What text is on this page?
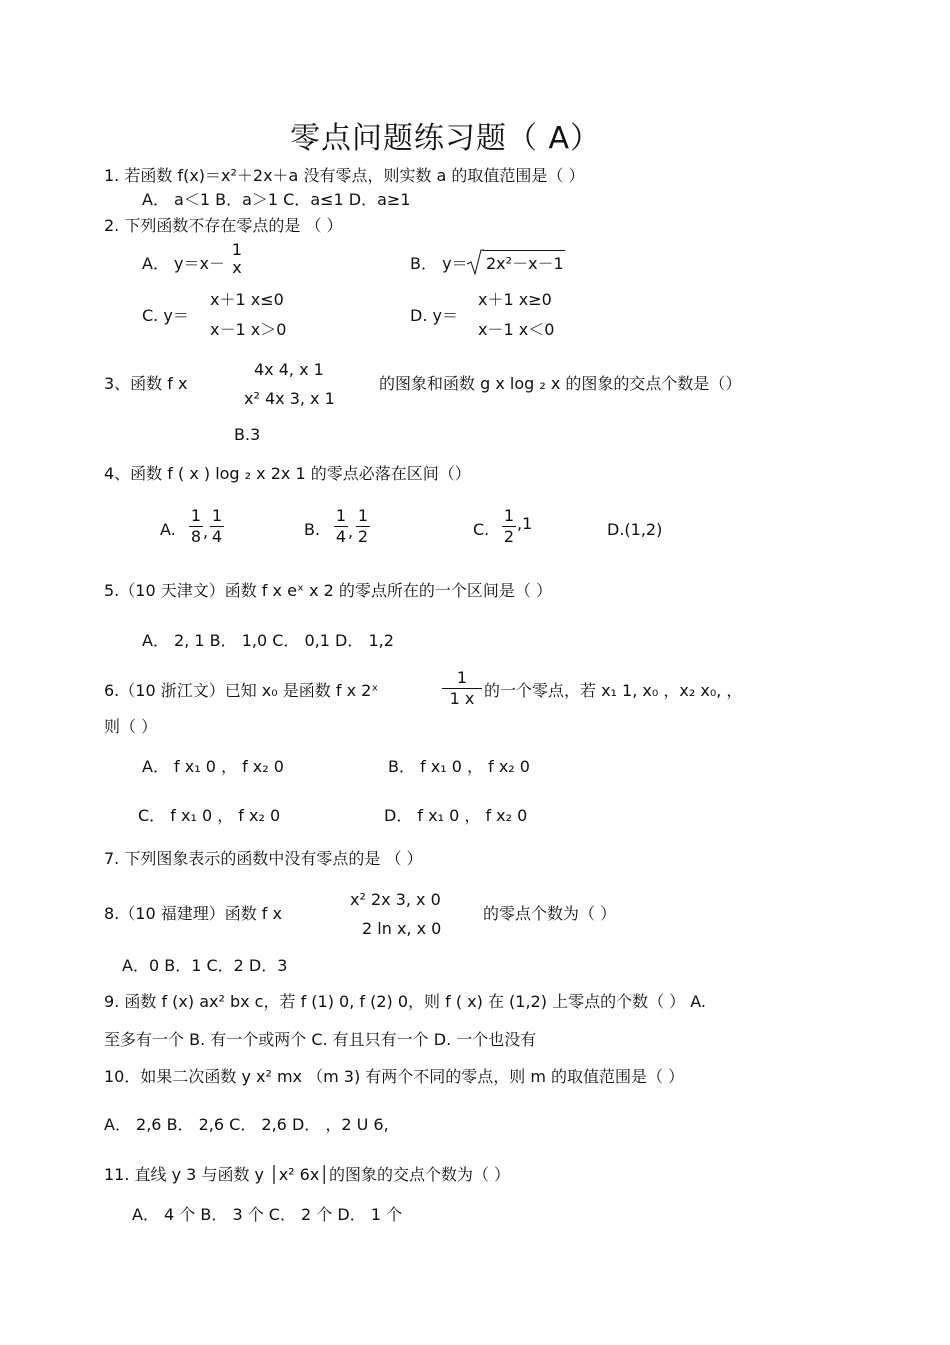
零点问题练习题（ A）
1. 若函数 f(x)＝x²＋2x＋a 没有零点，则实数 a 的取值范围是（ ）
A． a＜1 B．a＞1 C．a≤1 D．a≥1
2. 下列函数不存在零点的是 （ ）
A． y＝x－
1
x	B． y＝ 2x²－x－1
C. y＝
x＋1 x≤0
x－1 x＞0
D. y＝
x＋1 x≥0
x－1 x＜0
3、函数 f x
4x 4, x 1
x² 4x 3, x 1
的图象和函数 g x log ₂ x 的图象的交点个数是（）
B.3
4、函数 f ( x ) log ₂ x 2x 1 的零点必落在区间（）
A.
1
8 ,
1
4	B.
1
4 ,
1
2	C.
1
2
,1	D.(1,2)
5.（10 天津文）函数 f x eˣ x 2 的零点所在的一个区间是（ ）
A． 2, 1 B． 1,0 C． 0,1 D． 1,2
6.（10 浙江文）已知 x₀ 是函数 f x 2ˣ
1
1 x 的一个零点，若 x₁ 1, x₀ ，x₂ x₀, ，
则（ ）
A． f x₁ 0 ， f x₂ 0	B． f x₁ 0 ， f x₂ 0
C． f x₁ 0 ， f x₂ 0	D． f x₁ 0 ， f x₂ 0
7. 下列图象表示的函数中没有零点的是 （ ）
8.（10 福建理）函数 f x
x² 2x 3, x 0
2 ln x, x 0
的零点个数为（ ）
A．0 B．1 C．2 D．3
9. 函数 f (x) ax² bx c，若 f (1) 0, f (2) 0，则 f ( x) 在 (1,2) 上零点的个数（ ） A.
至多有一个 B. 有一个或两个 C. 有且只有一个 D. 一个也没有
10．如果二次函数 y x² mx （m 3) 有两个不同的零点，则 m 的取值范围是（ ）
A． 2,6 B． 2,6 C． 2,6 D． ，2 U 6,
11. 直线 y 3 与函数 y │x² 6x│的图象的交点个数为（ ）
A． 4 个 B． 3 个 C． 2 个 D． 1 个
